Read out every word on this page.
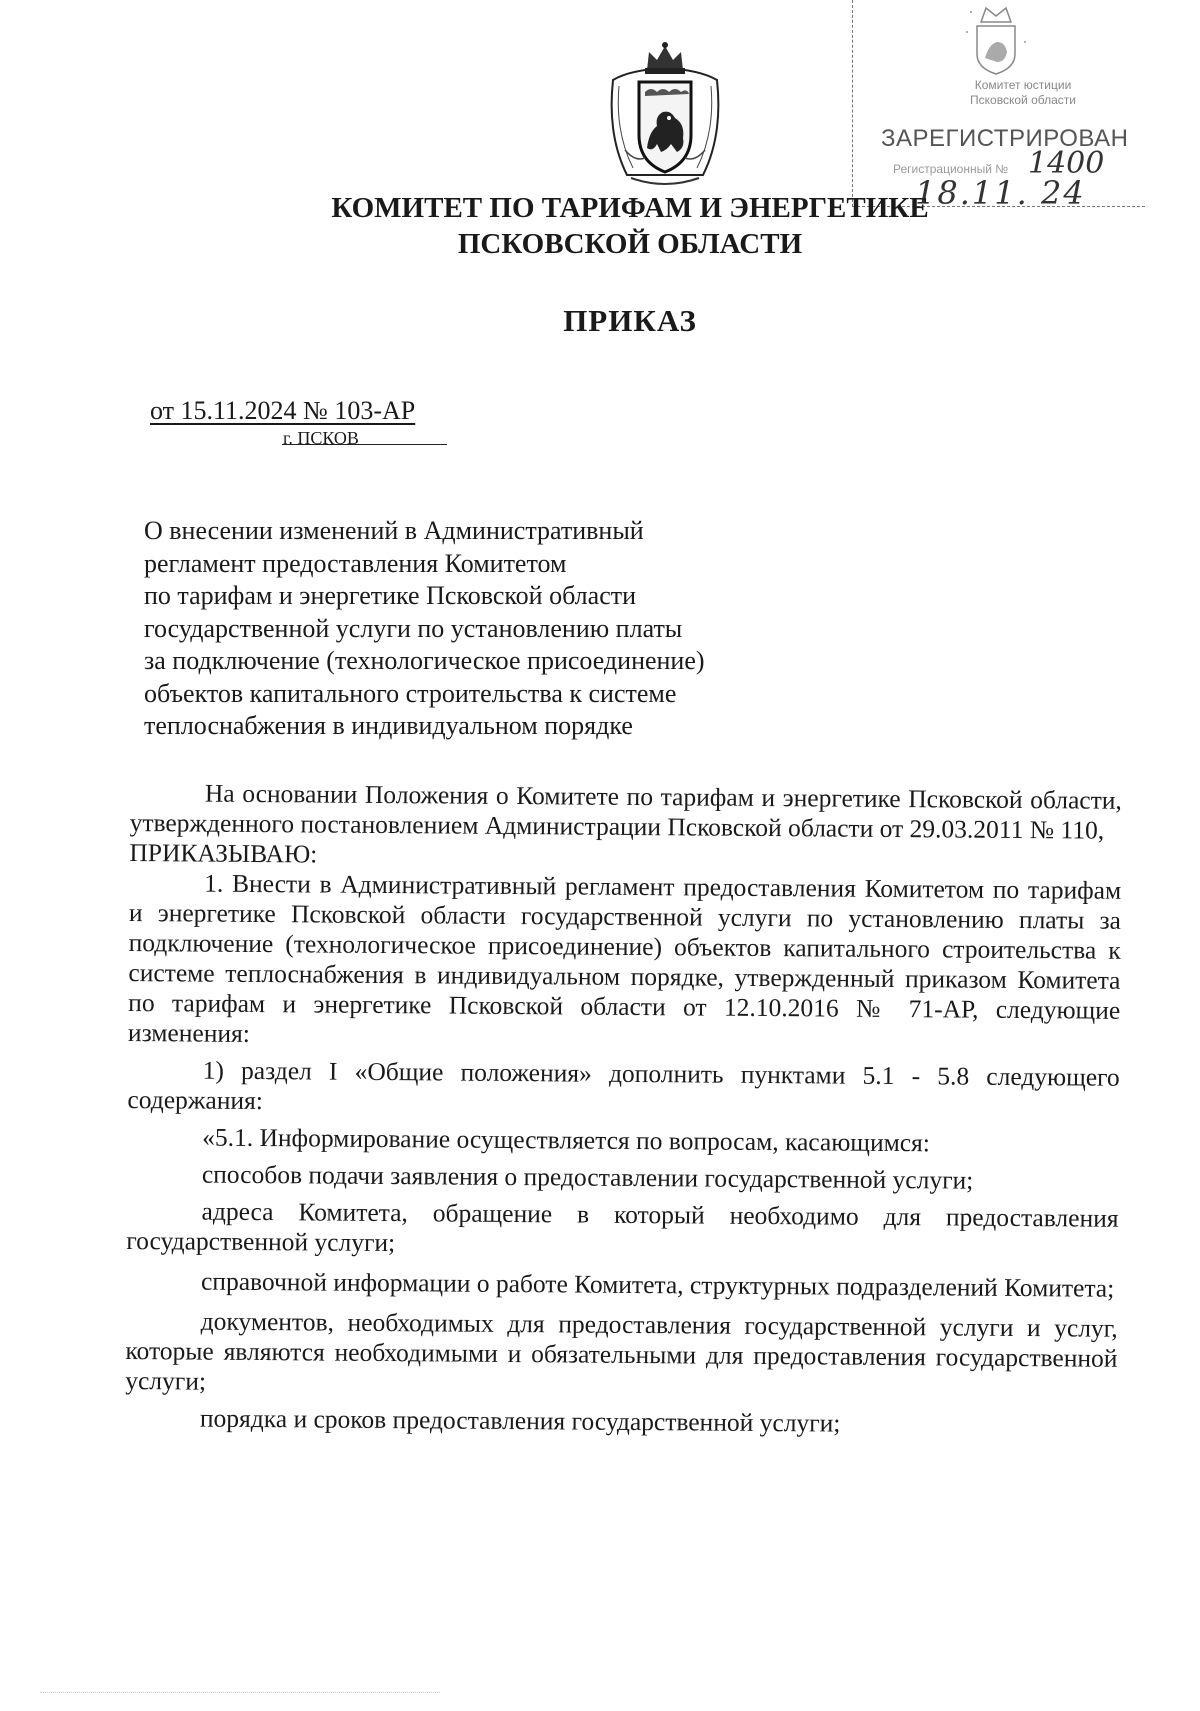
Комитет юстиции
Псковской области
ЗАРЕГИСТРИРОВАН
Регистрационный № 1400
18.11. 24
КОМИТЕТ ПО ТАРИФАМ И ЭНЕРГЕТИКЕ
ПСКОВСКОЙ ОБЛАСТИ
ПРИКАЗ
от 15.11.2024 № 103-АР
г. ПСКОВ
О внесении изменений в Административный
регламент предоставления Комитетом
по тарифам и энергетике Псковской области
государственной услуги по установлению платы
за подключение (технологическое присоединение)
объектов капитального строительства к системе
теплоснабжения в индивидуальном порядке

На основании Положения о Комитете по тарифам и энергетике Псковской области, утвержденного постановлением Администрации Псковской области от 29.03.2011 № 110,

ПРИКАЗЫВАЮ:

1. Внести в Административный регламент предоставления Комитетом по тарифам и энергетике Псковской области государственной услуги по установлению платы за подключение (технологическое присоединение) объектов капитального строительства к системе теплоснабжения в индивидуальном порядке, утвержденный приказом Комитета по тарифам и энергетике Псковской области от 12.10.2016 № 71-АР, следующие изменения:

1) раздел I «Общие положения» дополнить пунктами 5.1 - 5.8 следующего содержания:

«5.1. Информирование осуществляется по вопросам, касающимся:

способов подачи заявления о предоставлении государственной услуги;

адреса Комитета, обращение в который необходимо для предоставления государственной услуги;

справочной информации о работе Комитета, структурных подразделений Комитета;

документов, необходимых для предоставления государственной услуги и услуг, которые являются необходимыми и обязательными для предоставления государственной услуги;

порядка и сроков предоставления государственной услуги;
